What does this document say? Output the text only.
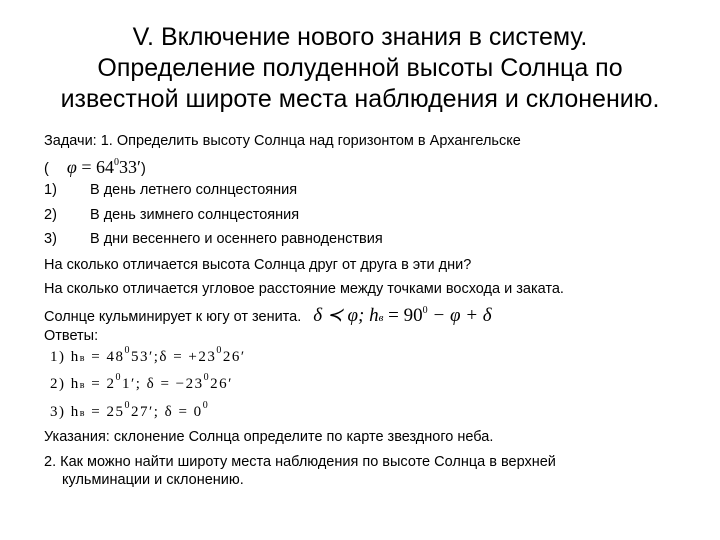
V. Включение нового знания в систему.
Определение полуденной высоты Солнца по
известной широте места наблюдения и склонению.
Задачи: 1. Определить высоту Солнца над горизонтом в Архангельске
( $\varphi = 64^033'$)
1) В день летнего солнцестояния
2) В день зимнего солнцестояния
3) В дни весеннего и осеннего равноденствия
На сколько отличается высота Солнца друг от друга в эти дни?
На сколько отличается угловое расстояние между точками восхода и заката.
Солнце кульминирует к югу от зенита. δ ≺ φ; hв = $90^0 - \varphi + \delta$
Ответы:
1) hв = $48^053';\delta = +23^026'$
2) hв = $2^01'$; $\delta = -23^026'$
3) hв = $25^027'$; $\delta = 0^0$
Указания: склонение Солнца определите по карте звездного неба.
2. Как можно найти широту места наблюдения по высоте Солнца в верхней
кульминации и склонению.
